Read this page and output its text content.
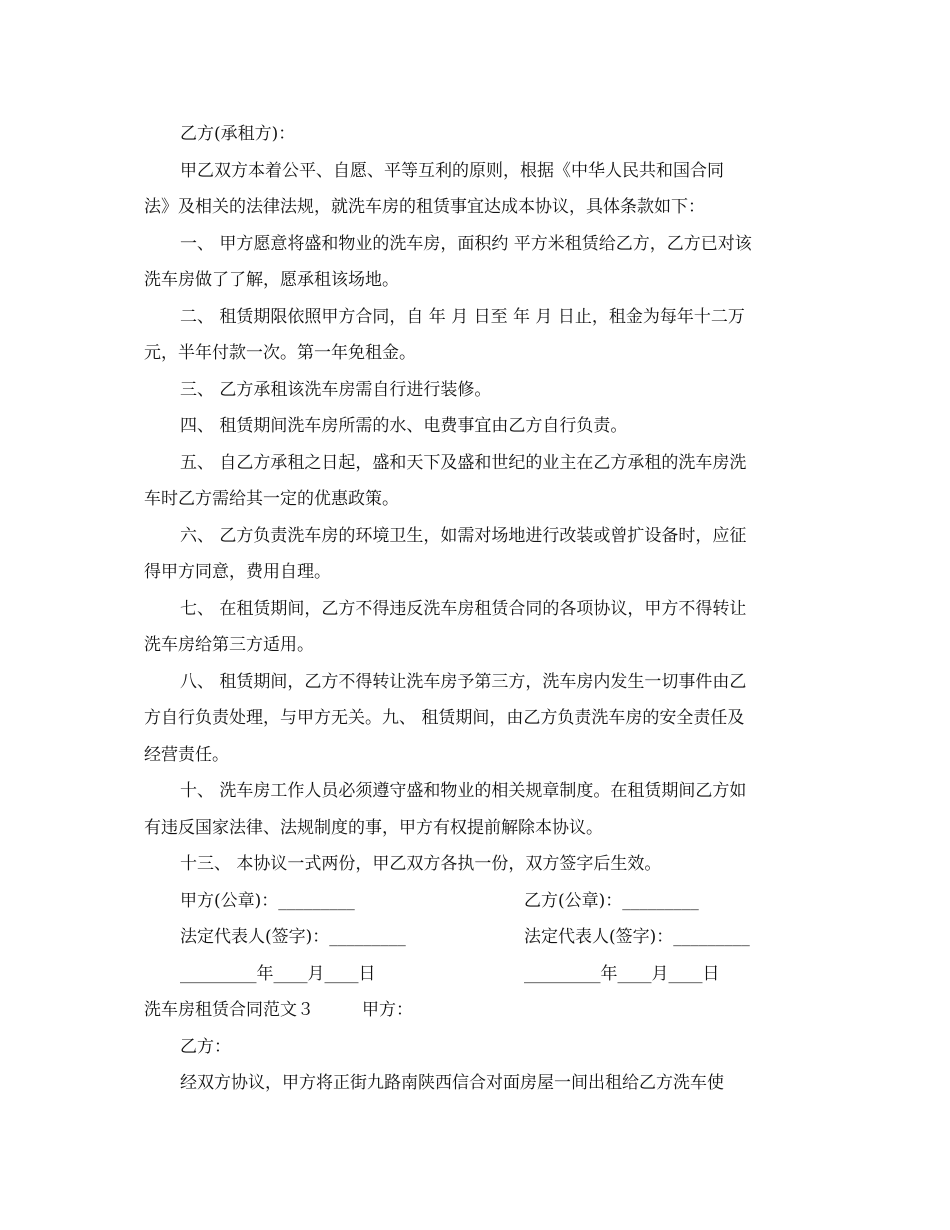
乙方(承租方)：
甲乙双方本着公平、自愿、平等互利的原则，根据《中华人民共和国合同
法》及相关的法律法规，就洗车房的租赁事宜达成本协议，具体条款如下：
一、 甲方愿意将盛和物业的洗车房，面积约 平方米租赁给乙方，乙方已对该
洗车房做了了解，愿承租该场地。
二、 租赁期限依照甲方合同，自 年 月 日至 年 月 日止，租金为每年十二万
元，半年付款一次。第一年免租金。
三、 乙方承租该洗车房需自行进行装修。
四、 租赁期间洗车房所需的水、电费事宜由乙方自行负责。
五、 自乙方承租之日起，盛和天下及盛和世纪的业主在乙方承租的洗车房洗
车时乙方需给其一定的优惠政策。
六、 乙方负责洗车房的环境卫生，如需对场地进行改装或曾扩设备时，应征
得甲方同意，费用自理。
七、 在租赁期间，乙方不得违反洗车房租赁合同的各项协议，甲方不得转让
洗车房给第三方适用。
八、 租赁期间，乙方不得转让洗车房予第三方，洗车房内发生一切事件由乙
方自行负责处理，与甲方无关。九、 租赁期间，由乙方负责洗车房的安全责任及
经营责任。
十、 洗车房工作人员必须遵守盛和物业的相关规章制度。在租赁期间乙方如
有违反国家法律、法规制度的事，甲方有权提前解除本协议。
十三、 本协议一式两份，甲乙双方各执一份，双方签字后生效。
甲方(公章)：_________	乙方(公章)：_________
法定代表人(签字)：_________	法定代表人(签字)：_________
_________年____月____日	_________年____月____日
洗车房租赁合同范文３	甲方：
乙方：
经双方协议，甲方将正街九路南陕西信合对面房屋一间出租给乙方洗车使
